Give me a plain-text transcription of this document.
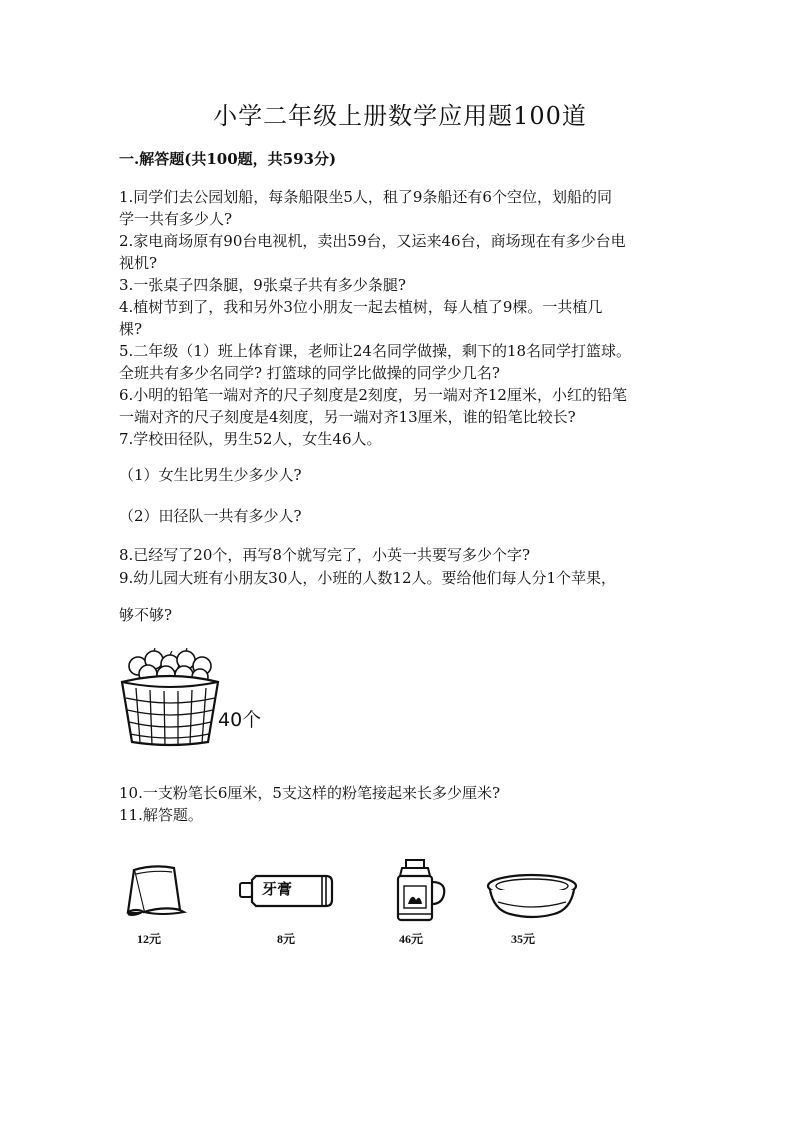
小学二年级上册数学应用题100道
一.解答题(共100题，共593分)
1.同学们去公园划船，每条船限坐5人，租了9条船还有6个空位，划船的同
学一共有多少人?
2.家电商场原有90台电视机，卖出59台，又运来46台，商场现在有多少台电
视机?
3.一张桌子四条腿，9张桌子共有多少条腿?
4.植树节到了，我和另外3位小朋友一起去植树，每人植了9棵。一共植几
棵?
5.二年级（1）班上体育课，老师让24名同学做操，剩下的18名同学打篮球。
全班共有多少名同学? 打篮球的同学比做操的同学少几名?
6.小明的铅笔一端对齐的尺子刻度是2刻度，另一端对齐12厘米，小红的铅笔
一端对齐的尺子刻度是4刻度，另一端对齐13厘米，谁的铅笔比较长?
7.学校田径队，男生52人，女生46人。
（1）女生比男生少多少人?
（2）田径队一共有多少人?
8.已经写了20个，再写8个就写完了，小英一共要写多少个字?
9.幼儿园大班有小朋友30人，小班的人数12人。要给他们每人分1个苹果，
够不够?
40个
10.一支粉笔长6厘米，5支这样的粉笔接起来长多少厘米?
11.解答题。
12元
牙膏
8元	46元	35元
